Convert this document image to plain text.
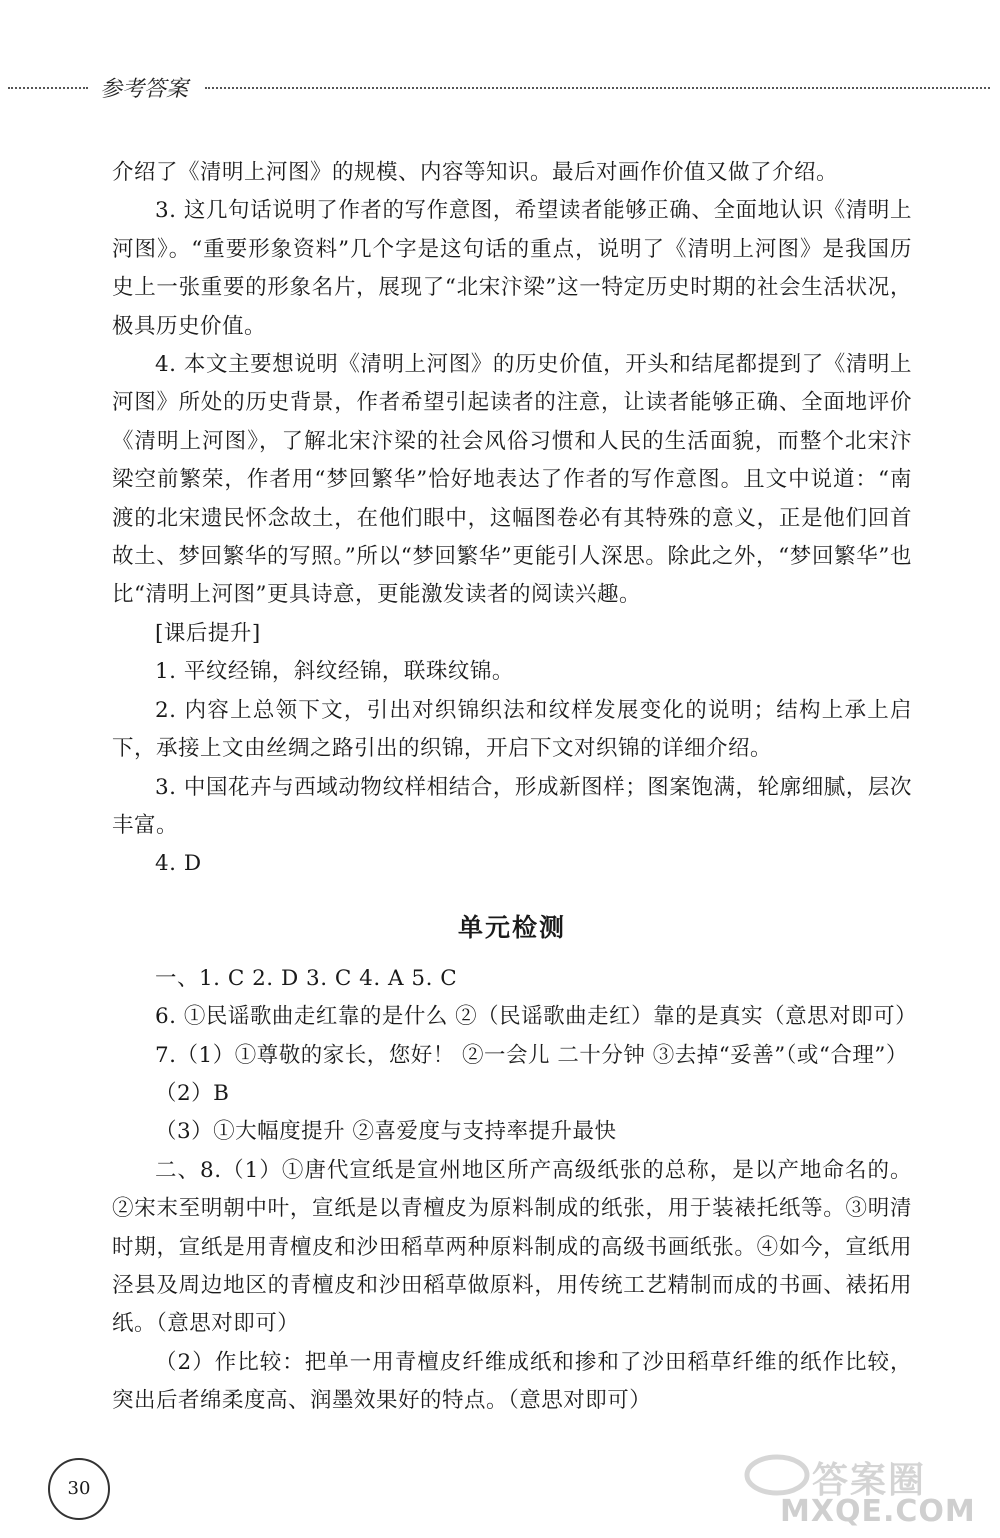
参考答案

介绍了《清明上河图》的规模、内容等知识。最后对画作价值又做了介绍。

3. 这几句话说明了作者的写作意图，希望读者能够正确、全面地认识《清明上河图》。“重要形象资料”几个字是这句话的重点，说明了《清明上河图》是我国历史上一张重要的形象名片，展现了“北宋汴梁”这一特定历史时期的社会生活状况，极具历史价值。

4. 本文主要想说明《清明上河图》的历史价值，开头和结尾都提到了《清明上河图》所处的历史背景，作者希望引起读者的注意，让读者能够正确、全面地评价《清明上河图》，了解北宋汴梁的社会风俗习惯和人民的生活面貌，而整个北宋汴梁空前繁荣，作者用“梦回繁华”恰好地表达了作者的写作意图。且文中说道：“南渡的北宋遗民怀念故土，在他们眼中，这幅图卷必有其特殊的意义，正是他们回首故土、梦回繁华的写照。”所以“梦回繁华”更能引人深思。除此之外，“梦回繁华”也比“清明上河图”更具诗意，更能激发读者的阅读兴趣。

[课后提升]

1. 平纹经锦，斜纹经锦，联珠纹锦。

2. 内容上总领下文，引出对织锦织法和纹样发展变化的说明；结构上承上启下，承接上文由丝绸之路引出的织锦，开启下文对织锦的详细介绍。

3. 中国花卉与西域动物纹样相结合，形成新图样；图案饱满，轮廓细腻，层次丰富。

4. D

单元检测

一、1. C 2. D 3. C 4. A 5. C

6. ①民谣歌曲走红靠的是什么 ②（民谣歌曲走红）靠的是真实（意思对即可）

7.（1）①尊敬的家长，您好！ ②一会儿 二十分钟 ③去掉“妥善”（或“合理”）

（2）B

（3）①大幅度提升 ②喜爱度与支持率提升最快

二、8.（1）①唐代宣纸是宣州地区所产高级纸张的总称，是以产地命名的。②宋末至明朝中叶，宣纸是以青檀皮为原料制成的纸张，用于装裱托纸等。③明清时期，宣纸是用青檀皮和沙田稻草两种原料制成的高级书画纸张。④如今，宣纸用泾县及周边地区的青檀皮和沙田稻草做原料，用传统工艺精制而成的书画、裱拓用纸。（意思对即可）

（2）作比较：把单一用青檀皮纤维成纸和掺和了沙田稻草纤维的纸作比较，突出后者绵柔度高、润墨效果好的特点。（意思对即可）

30	答案圈
MXQE.COM
